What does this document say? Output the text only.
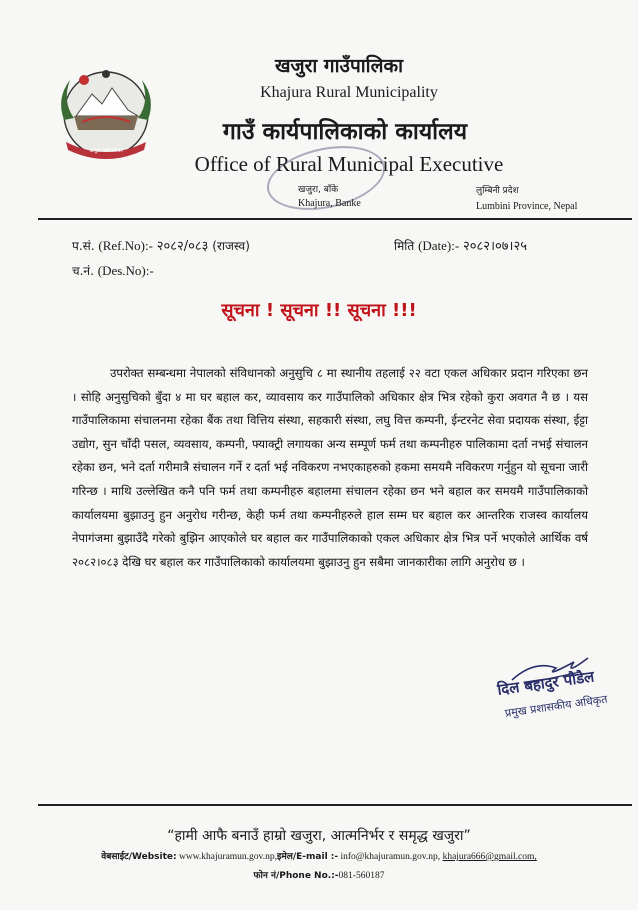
खजुरा गाउँपालिका
खजुरा गाउँपालिका
Khajura Rural Municipality
गाउँ कार्यपालिकाको कार्यालय
Office of Rural Municipal Executive
खजुरा, बाँके
Khajura, Banke
लुम्बिनी प्रदेश
Lumbini Province, Nepal
प.सं. (Ref.No):- २०८२/०८३ (राजस्व)	मिति (Date):- २०८२।०७।२५
च.नं. (Des.No):-
सूचना ! सूचना !! सूचना !!!
उपरोक्त सम्बन्धमा नेपालको संविधानको अनुसुचि ८ मा स्थानीय तहलाई २२ वटा एकल अधिकार प्रदान गरिएका छन । सोहि अनुसुचिको बुँदा ४ मा घर बहाल कर, व्यावसाय कर गाउँपालिको अधिकार क्षेत्र भित्र रहेको कुरा अवगत नै छ । यस गाउँपालिकामा संचालनमा रहेका बैंक तथा वित्तिय संस्था, सहकारी संस्था, लघु वित्त कम्पनी, ईन्टरनेट सेवा प्रदायक संस्था, ईट्टा उद्योग, सुन चाँदी पसल, व्यवसाय, कम्पनी, फ्याक्ट्री लगायका अन्य सम्पूर्ण फर्म तथा कम्पनीहरु पालिकामा दर्ता नभई संचालन रहेका छन, भने दर्ता गरीमात्रै संचालन गर्ने र दर्ता भई नविकरण नभएकाहरुको हकमा समयमै नविकरण गर्नुहुन यो सूचना जारी गरिन्छ । माथि उल्लेखित कनै पनि फर्म तथा कम्पनीहरु बहालमा संचालन रहेका छन भने बहाल कर समयमै गाउँपालिकाको कार्यालयमा बुझाउनु हुन अनुरोध गरीन्छ, केही फर्म तथा कम्पनीहरुले हाल सम्म घर बहाल कर आन्तरिक राजस्व कार्यालय नेपागंजमा बुझाउँदै गरेको बुझिन आएकोले घर बहाल कर गाउँपालिकाको एकल अधिकार क्षेत्र भित्र पर्ने भएकोले आर्थिक वर्ष २०८२।०८३ देखि घर बहाल कर गाउँपालिकाको कार्यालयमा बुझाउनु हुन सबैमा जानकारीका लागि अनुरोध छ ।
दिल बहादुर पौडेल
प्रमुख प्रशासकीय अधिकृत
“हामी आफै बनाउँ हाम्रो खजुरा, आत्मनिर्भर र समृद्ध खजुरा”
वेबसाईट/Website: www.khajuramun.gov.np,इमेल/E-mail :- info@khajuramun.gov.np, khajura666@gmail.com,
फोन नं/Phone No.:-081-560187
